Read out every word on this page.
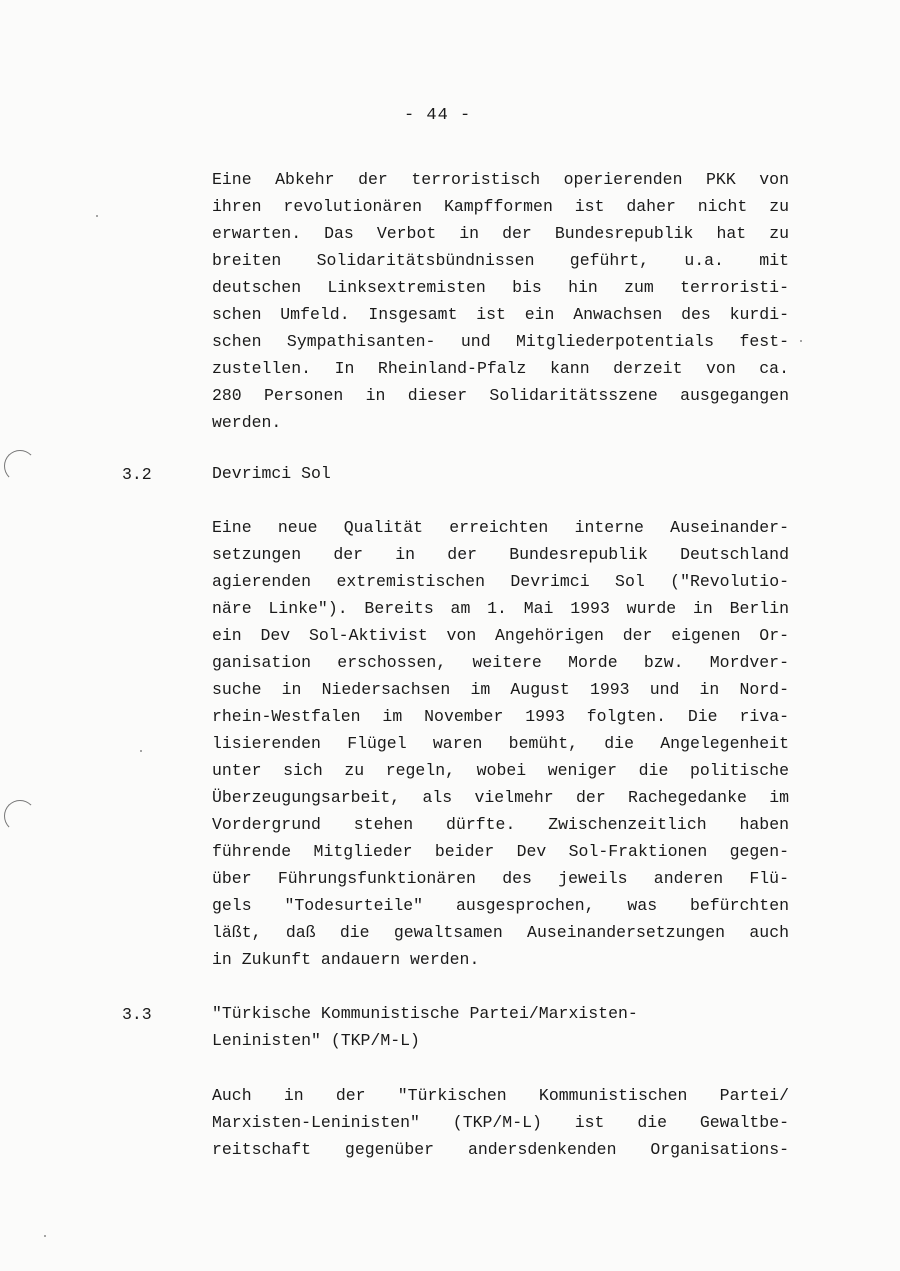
- 44 -
Eine Abkehr der terroristisch operierenden PKK von
ihren revolutionären Kampfformen ist daher nicht zu
erwarten. Das Verbot in der Bundesrepublik hat zu
breiten Solidaritätsbündnissen geführt, u.a. mit
deutschen Linksextremisten bis hin zum terroristi-
schen Umfeld. Insgesamt ist ein Anwachsen des kurdi-
schen Sympathisanten- und Mitgliederpotentials fest-
zustellen. In Rheinland-Pfalz kann derzeit von ca.
280 Personen in dieser Solidaritätsszene ausgegangen
werden.
3.2	Devrimci Sol
Eine neue Qualität erreichten interne Auseinander-
setzungen der in der Bundesrepublik Deutschland
agierenden extremistischen Devrimci Sol ("Revolutio-
näre Linke"). Bereits am 1. Mai 1993 wurde in Berlin
ein Dev Sol-Aktivist von Angehörigen der eigenen Or-
ganisation erschossen, weitere Morde bzw. Mordver-
suche in Niedersachsen im August 1993 und in Nord-
rhein-Westfalen im November 1993 folgten. Die riva-
lisierenden Flügel waren bemüht, die Angelegenheit
unter sich zu regeln, wobei weniger die politische
Überzeugungsarbeit, als vielmehr der Rachegedanke im
Vordergrund stehen dürfte. Zwischenzeitlich haben
führende Mitglieder beider Dev Sol-Fraktionen gegen-
über Führungsfunktionären des jeweils anderen Flü-
gels "Todesurteile" ausgesprochen, was befürchten
läßt, daß die gewaltsamen Auseinandersetzungen auch
in Zukunft andauern werden.
3.3	"Türkische Kommunistische Partei/Marxisten-
Leninisten" (TKP/M-L)
Auch in der "Türkischen Kommunistischen Partei/
Marxisten-Leninisten" (TKP/M-L) ist die Gewaltbe-
reitschaft gegenüber andersdenkenden Organisations-
